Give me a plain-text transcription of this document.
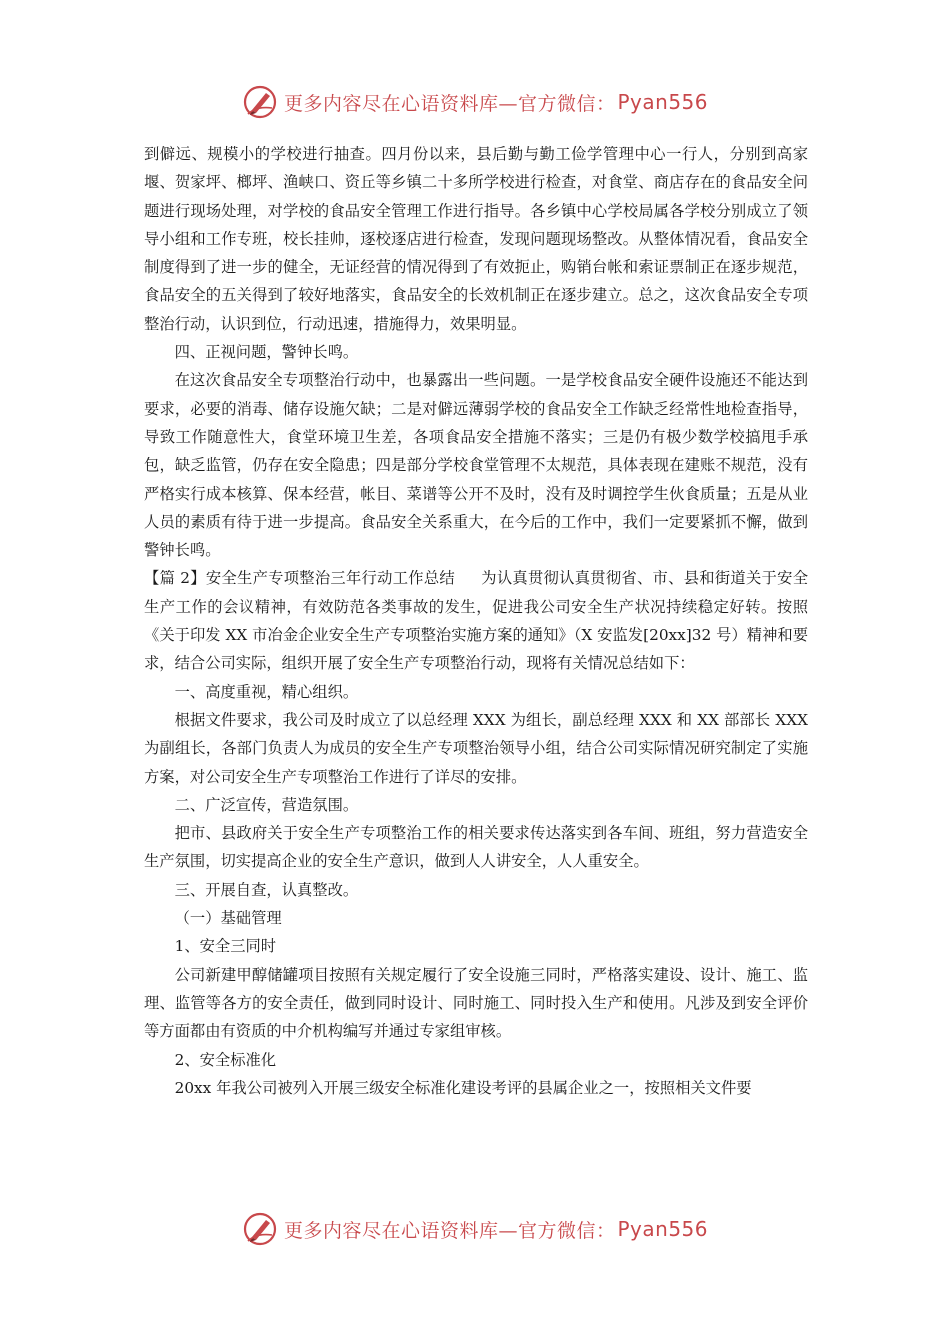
更多内容尽在心语资料库—官方微信： Pyan556

到僻远、规模小的学校进行抽查。四月份以来，县后勤与勤工俭学管理中心一行人，分别到高家堰、贺家坪、榔坪、渔峡口、资丘等乡镇二十多所学校进行检查，对食堂、商店存在的食品安全问题进行现场处理，对学校的食品安全管理工作进行指导。各乡镇中心学校局属各学校分别成立了领导小组和工作专班，校长挂帅，逐校逐店进行检查，发现问题现场整改。从整体情况看，食品安全制度得到了进一步的健全，无证经营的情况得到了有效扼止，购销台帐和索证票制正在逐步规范，食品安全的五关得到了较好地落实，食品安全的长效机制正在逐步建立。总之，这次食品安全专项整治行动，认识到位，行动迅速，措施得力，效果明显。

四、正视问题，警钟长鸣。

在这次食品安全专项整治行动中，也暴露出一些问题。一是学校食品安全硬件设施还不能达到要求，必要的消毒、储存设施欠缺；二是对僻远薄弱学校的食品安全工作缺乏经常性地检查指导，导致工作随意性大，食堂环境卫生差，各项食品安全措施不落实；三是仍有极少数学校搞甩手承包，缺乏监管，仍存在安全隐患；四是部分学校食堂管理不太规范，具体表现在建账不规范，没有严格实行成本核算、保本经营，帐目、菜谱等公开不及时，没有及时调控学生伙食质量；五是从业人员的素质有待于进一步提高。食品安全关系重大，在今后的工作中，我们一定要紧抓不懈，做到警钟长鸣。

【篇 2】安全生产专项整治三年行动工作总结 为认真贯彻认真贯彻省、市、县和街道关于安全生产工作的会议精神，有效防范各类事故的发生，促进我公司安全生产状况持续稳定好转。按照《关于印发 XX 市冶金企业安全生产专项整治实施方案的通知》（X 安监发[20xx]32 号）精神和要求，结合公司实际，组织开展了安全生产专项整治行动，现将有关情况总结如下：

一、高度重视，精心组织。

根据文件要求，我公司及时成立了以总经理 XXX 为组长，副总经理 XXX 和 XX 部部长 XXX 为副组长，各部门负责人为成员的安全生产专项整治领导小组，结合公司实际情况研究制定了实施方案，对公司安全生产专项整治工作进行了详尽的安排。

二、广泛宣传，营造氛围。

把市、县政府关于安全生产专项整治工作的相关要求传达落实到各车间、班组，努力营造安全生产氛围，切实提高企业的安全生产意识，做到人人讲安全，人人重安全。

三、开展自查，认真整改。

（一）基础管理

1、安全三同时

公司新建甲醇储罐项目按照有关规定履行了安全设施三同时，严格落实建设、设计、施工、监理、监管等各方的安全责任，做到同时设计、同时施工、同时投入生产和使用。凡涉及到安全评价等方面都由有资质的中介机构编写并通过专家组审核。

2、安全标准化

20xx 年我公司被列入开展三级安全标准化建设考评的县属企业之一，按照相关文件要

更多内容尽在心语资料库—官方微信： Pyan556
